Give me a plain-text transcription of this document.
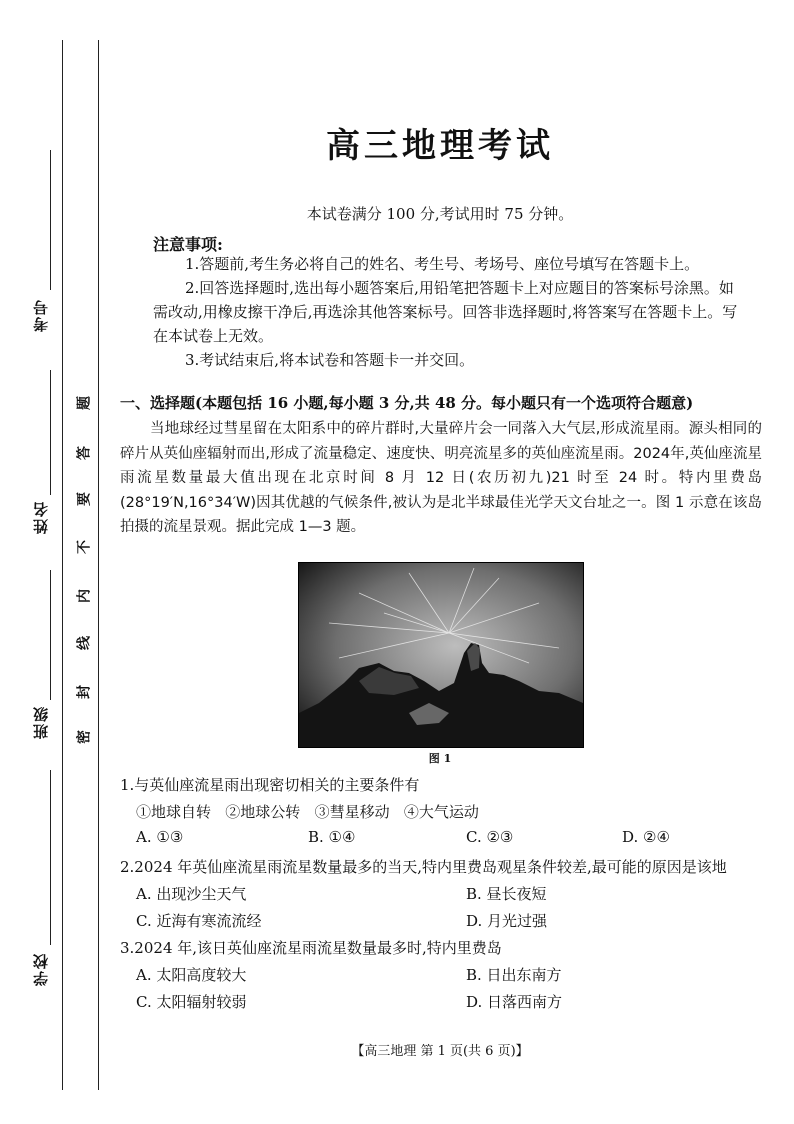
考号
姓名
班级
学校
题
答
要
不
内
线
封
密
高三地理考试
本试卷满分 100 分,考试用时 75 分钟。
注意事项:

1.答题前,考生务必将自己的姓名、考生号、考场号、座位号填写在答题卡上。

2.回答选择题时,选出每小题答案后,用铅笔把答题卡上对应题目的答案标号涂黑。如需改动,用橡皮擦干净后,再选涂其他答案标号。回答非选择题时,将答案写在答题卡上。写在本试卷上无效。

3.考试结束后,将本试卷和答题卡一并交回。

一、选择题(本题包括 16 小题,每小题 3 分,共 48 分。每小题只有一个选项符合题意)

当地球经过彗星留在太阳系中的碎片群时,大量碎片会一同落入大气层,形成流星雨。源头相同的碎片从英仙座辐射而出,形成了流量稳定、速度快、明亮流星多的英仙座流星雨。2024年,英仙座流星雨流星数量最大值出现在北京时间 8 月 12 日(农历初九)21 时至 24 时。特内里费岛(28°19′N,16°34′W)因其优越的气候条件,被认为是北半球最佳光学天文台址之一。图 1 示意在该岛拍摄的流星景观。据此完成 1—3 题。

图 1
1.与英仙座流星雨出现密切相关的主要条件有
①地球自转   ②地球公转   ③彗星移动   ④大气运动
A. ①③	B. ①④	C. ②③	D. ②④
2.2024 年英仙座流星雨流星数量最多的当天,特内里费岛观星条件较差,最可能的原因是该地
A. 出现沙尘天气	B. 昼长夜短
C. 近海有寒流流经	D. 月光过强
3.2024 年,该日英仙座流星雨流星数量最多时,特内里费岛
A. 太阳高度较大	B. 日出东南方
C. 太阳辐射较弱	D. 日落西南方
【高三地理 第 1 页(共 6 页)】
